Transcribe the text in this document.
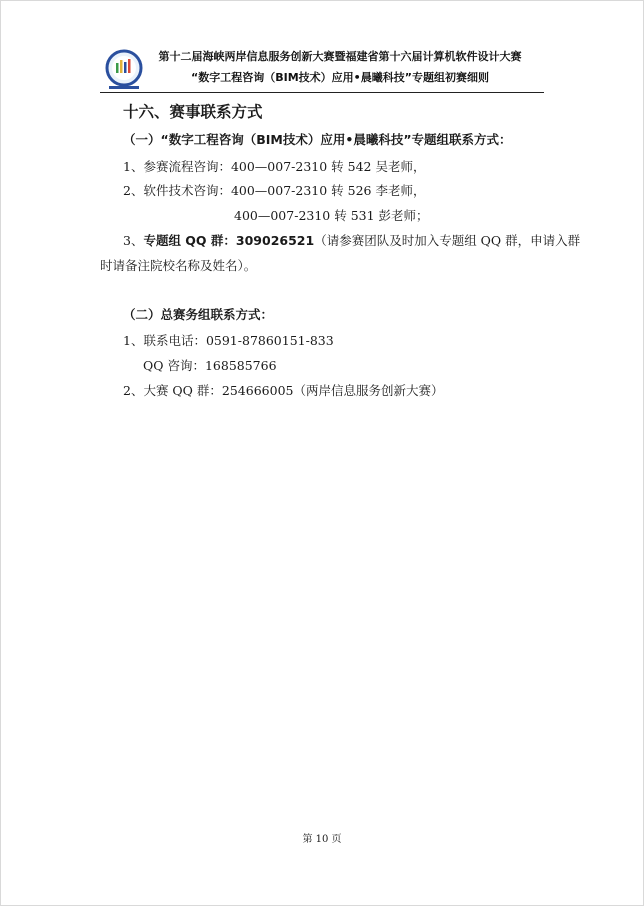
第十二届海峡两岸信息服务创新大赛暨福建省第十六届计算机软件设计大赛
“数字工程咨询（BIM技术）应用•晨曦科技”专题组初赛细则
十六、赛事联系方式
（一）“数字工程咨询（BIM技术）应用•晨曦科技”专题组联系方式：
1、参赛流程咨询：400—007-2310 转 542 吴老师，
2、软件技术咨询：400—007-2310 转 526 李老师，
400—007-2310 转 531 彭老师；
3、专题组 QQ 群：309026521（请参赛团队及时加入专题组 QQ 群，申请入群
时请备注院校名称及姓名）。
（二）总赛务组联系方式：
1、联系电话：0591-87860151-833
QQ 咨询：168585766
2、大赛 QQ 群：254666005（两岸信息服务创新大赛）
第 10 页
